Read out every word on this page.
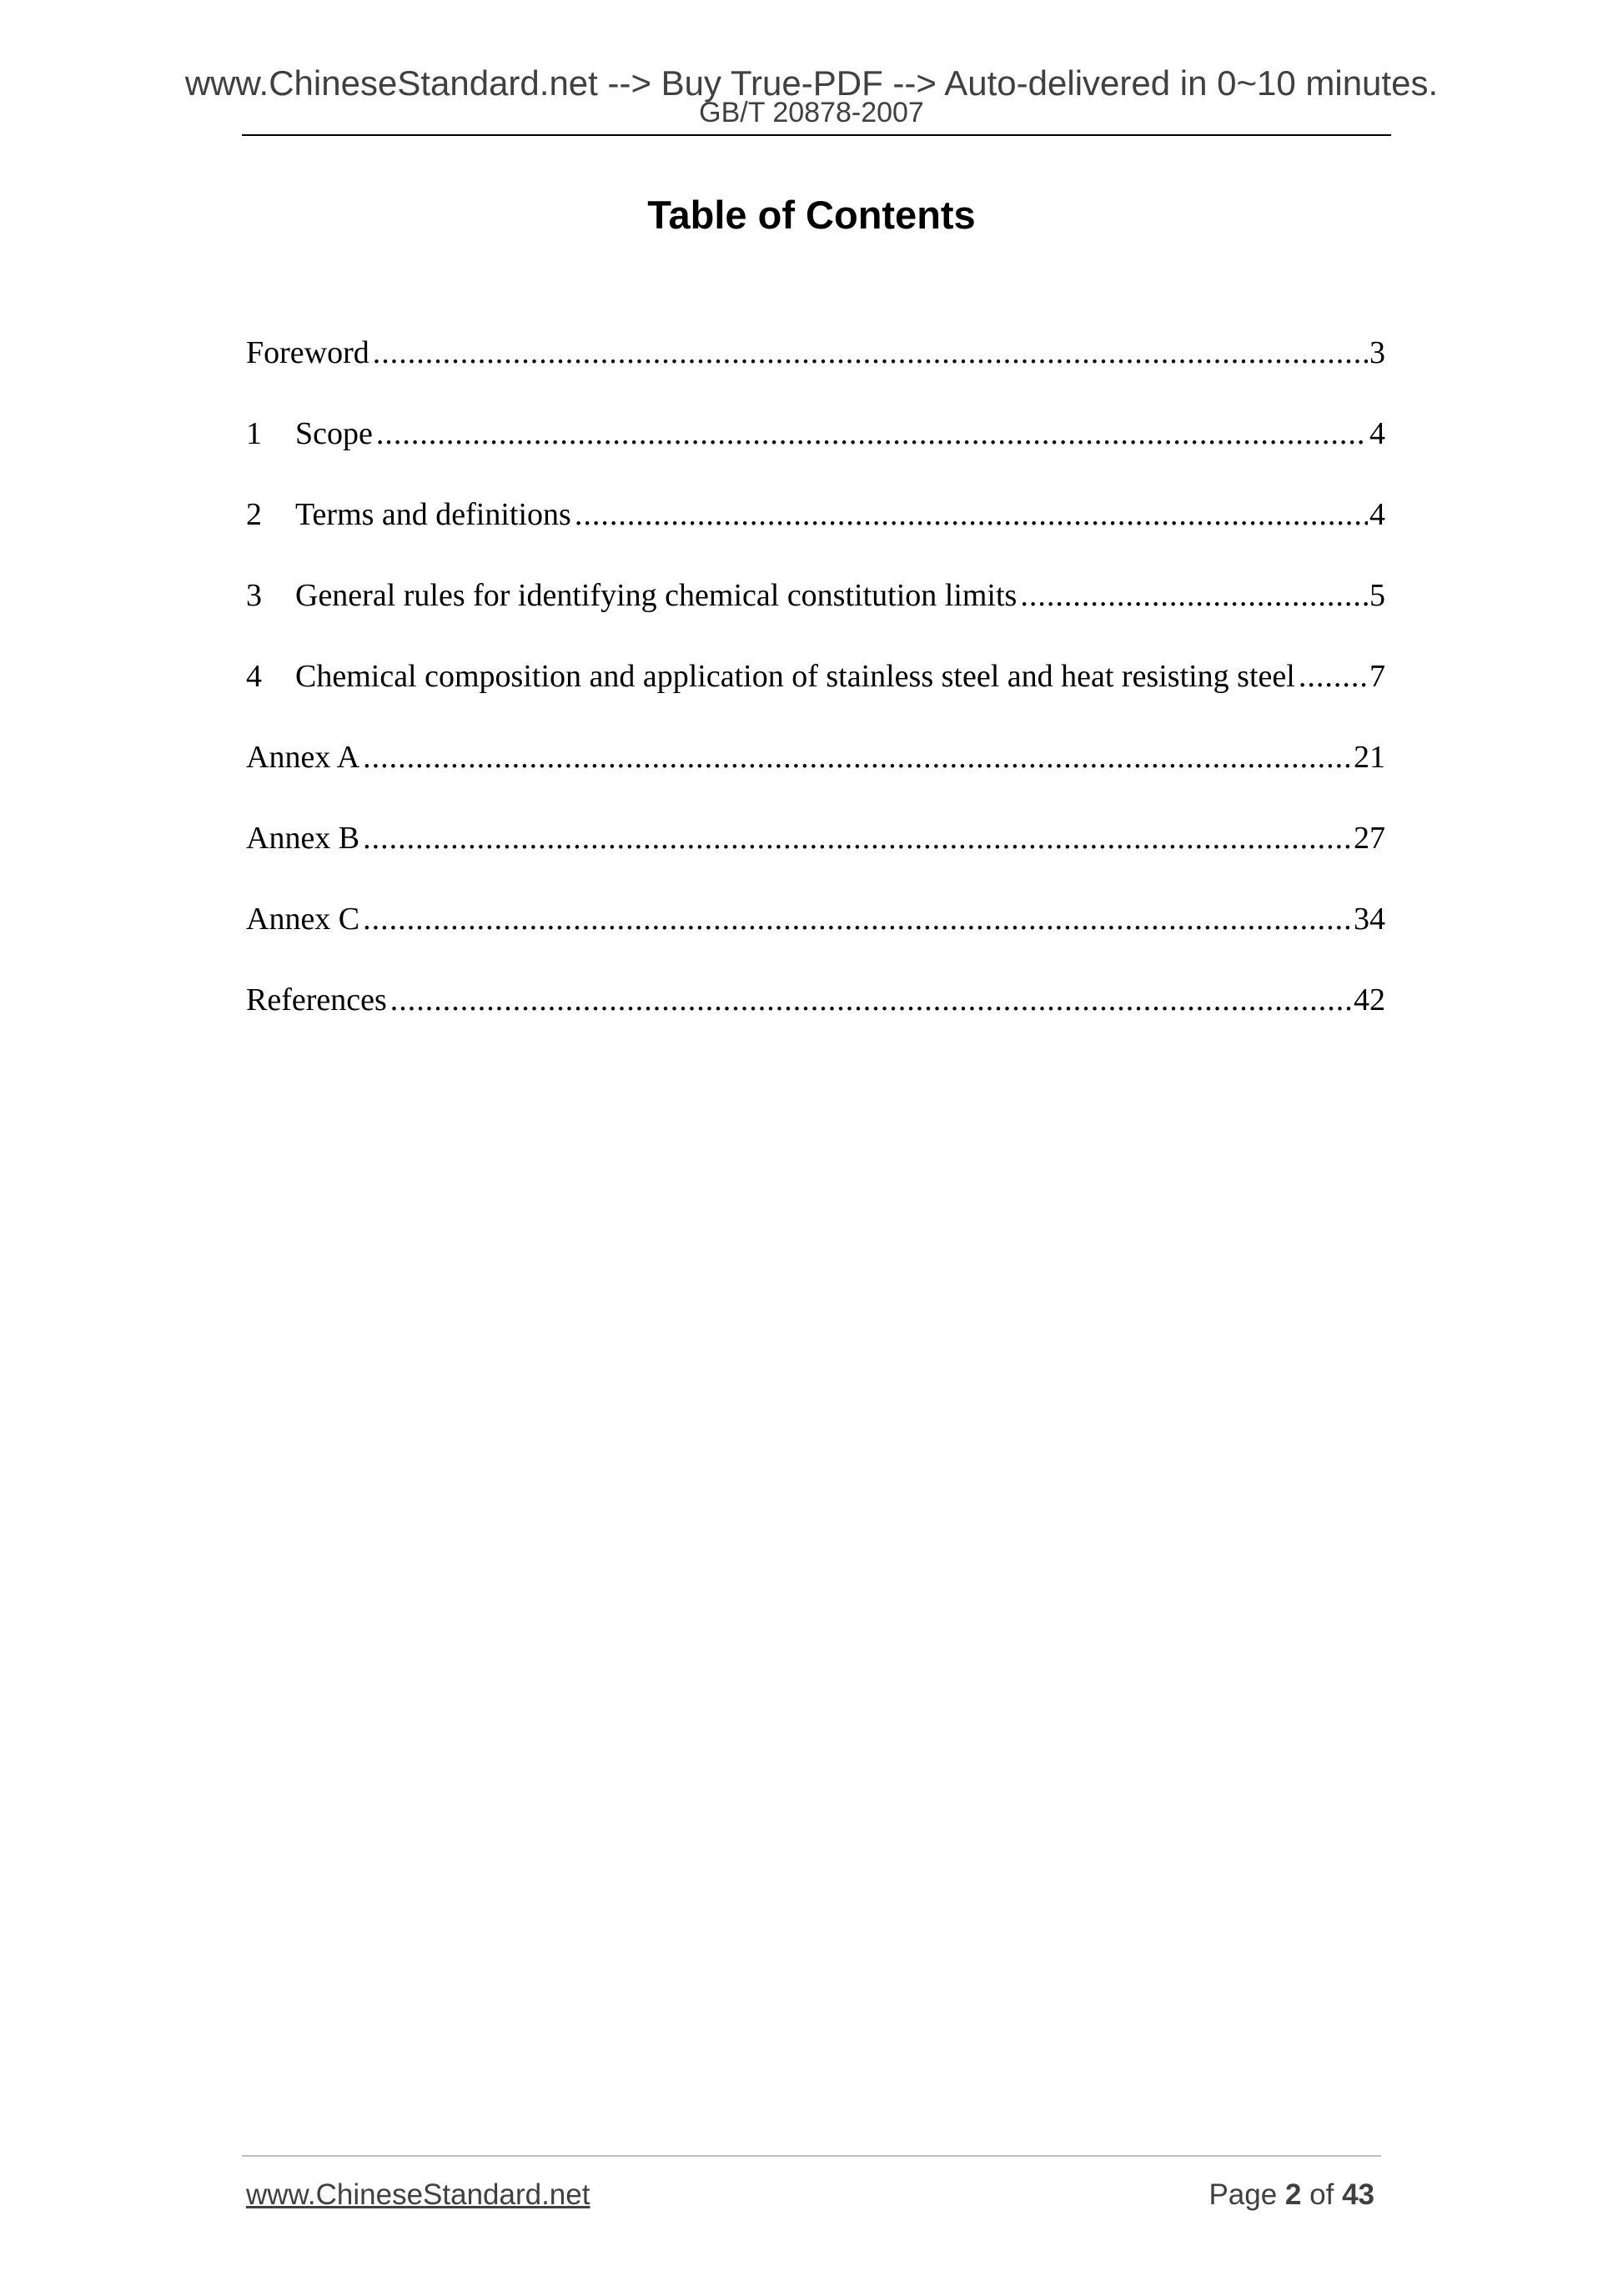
www.ChineseStandard.net --> Buy True-PDF --> Auto-delivered in 0~10 minutes.
GB/T 20878-2007
Table of Contents
Foreword .....	3
1	Scope .....	4
2	Terms and definitions .....	4
3	General rules for identifying chemical constitution limits .....	5
4	Chemical composition and application of stainless steel and heat resisting steel ..... 7
Annex A .....	21
Annex B .....	27
Annex C .....	34
References .....	42
www.ChineseStandard.net	Page 2 of 43
